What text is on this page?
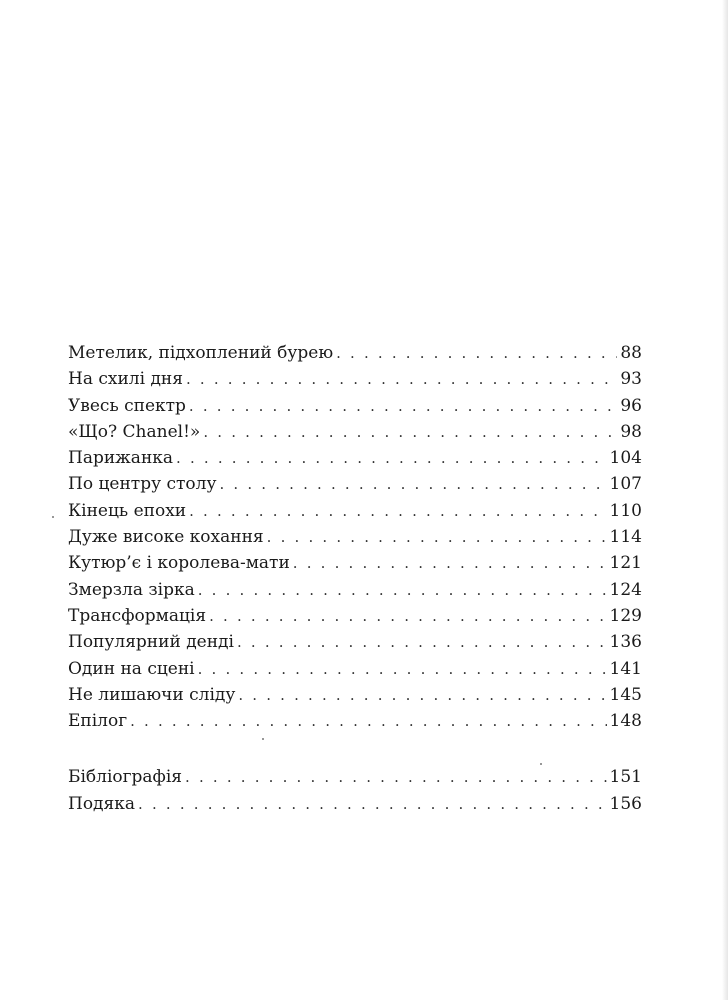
Метелик, підхоплений бурею . . .	88
На схилі дня . . .	93
Увесь спектр . . .	96
«Що? Chanel!» . . .	98
Парижанка . . .	104
По центру столу . . .	107
Кінець епохи . . .	110
Дуже високе кохання . . .	114
Кутюр’є і королева-мати . . .	121
Змерзла зірка . . .	124
Трансформація . . .	129
Популярний денді . . .	136
Один на сцені . . .	141
Не лишаючи сліду . . .	145
Епілог . . .	148
Бібліографія . . .	151
Подяка . . .	156
